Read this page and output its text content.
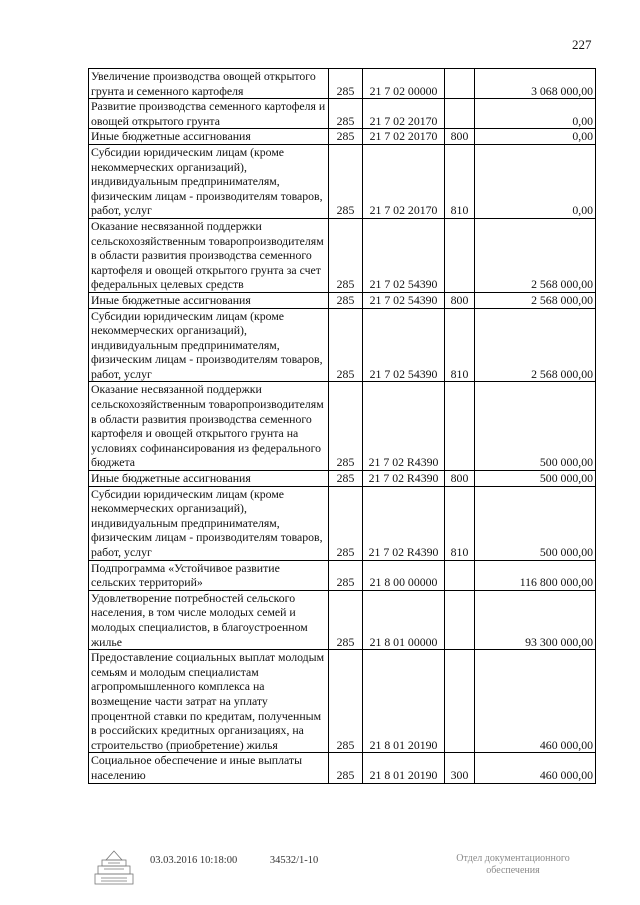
227
Увеличение производства овощей открытого грунта и семенного картофеля	285	21 7 02 00000		3 068 000,00
Развитие производства семенного картофеля и овощей открытого грунта	285	21 7 02 20170		0,00
Иные бюджетные ассигнования	285	21 7 02 20170	800	0,00
Субсидии юридическим лицам (кроме некоммерческих организаций), индивидуальным предпринимателям, физическим лицам - производителям товаров, работ, услуг	285	21 7 02 20170	810	0,00
Оказание несвязанной поддержки сельскохозяйственным товаропроизводителям в области развития производства семенного картофеля и овощей открытого грунта за счет федеральных целевых средств	285	21 7 02 54390		2 568 000,00
Иные бюджетные ассигнования	285	21 7 02 54390	800	2 568 000,00
Субсидии юридическим лицам (кроме некоммерческих организаций), индивидуальным предпринимателям, физическим лицам - производителям товаров, работ, услуг	285	21 7 02 54390	810	2 568 000,00
Оказание несвязанной поддержки сельскохозяйственным товаропроизводителям в области развития производства семенного картофеля и овощей открытого грунта на условиях софинансирования из федерального бюджета	285	21 7 02 R4390		500 000,00
Иные бюджетные ассигнования	285	21 7 02 R4390	800	500 000,00
Субсидии юридическим лицам (кроме некоммерческих организаций), индивидуальным предпринимателям, физическим лицам - производителям товаров, работ, услуг	285	21 7 02 R4390	810	500 000,00
Подпрограмма «Устойчивое развитие сельских территорий»	285	21 8 00 00000		116 800 000,00
Удовлетворение потребностей сельского населения, в том числе молодых семей и молодых специалистов, в благоустроенном жилье	285	21 8 01 00000		93 300 000,00
Предоставление социальных выплат молодым семьям и молодым специалистам агропромышленного комплекса на возмещение части затрат на уплату процентной ставки по кредитам, полученным в российских кредитных организациях, на строительство (приобретение) жилья	285	21 8 01 20190		460 000,00
Социальное обеспечение и иные выплаты населению	285	21 8 01 20190	300	460 000,00
03.03.2016 10:18:00	34532/1-10	Отдел документационного обеспечения
